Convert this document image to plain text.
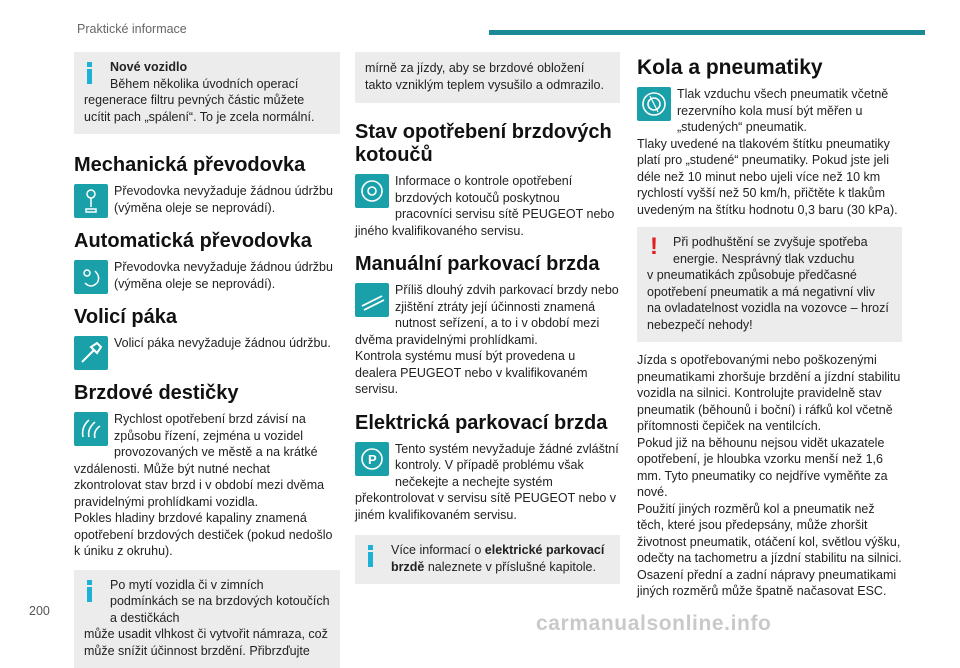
Praktické informace

Nové vozidlo

Během několika úvodních operací

regenerace filtru pevných částic můžete ucítit pach „spálení“. To je zcela normální.

Mechanická převodovka

Převodovka nevyžaduje žádnou údržbu (výměna oleje se neprovádí).

Automatická převodovka

Převodovka nevyžaduje žádnou údržbu (výměna oleje se neprovádí).

Volicí páka

Volicí páka nevyžaduje žádnou údržbu.

Brzdové destičky

Rychlost opotřebení brzd závisí na způsobu řízení, zejména u vozidel provozovaných ve městě a na krátké vzdálenosti. Může být nutné nechat zkontrolovat stav brzd i v období mezi dvěma pravidelnými prohlídkami vozidla.

Pokles hladiny brzdové kapaliny znamená opotřebení brzdových destiček (pokud nedošlo k úniku z okruhu).

Po mytí vozidla či v zimních podmínkách se na brzdových kotoučích a destičkách

může usadit vlhkost či vytvořit námraza, což může snížit účinnost brzdění. Přibrzďujte

mírně za jízdy, aby se brzdové obložení takto vzniklým teplem vysušilo a odmrazilo.

Stav opotřebení brzdových kotoučů

Informace o kontrole opotřebení brzdových kotoučů poskytnou pracovníci servisu sítě PEUGEOT nebo jiného kvalifikovaného servisu.

Manuální parkovací brzda

Příliš dlouhý zdvih parkovací brzdy nebo zjištění ztráty její účinnosti znamená nutnost seřízení, a to i v období mezi dvěma pravidelnými prohlídkami.

Kontrola systému musí být provedena u dealera PEUGEOT nebo v kvalifikovaném servisu.

Elektrická parkovací brzda
P

Tento systém nevyžaduje žádné zvláštní kontroly. V případě problému však nečekejte a nechejte systém překontrolovat v servisu sítě PEUGEOT nebo v jiném kvalifikovaném servisu.

Více informací o elektrické parkovací brzdě naleznete v příslušné kapitole.

Kola a pneumatiky

Tlak vzduchu všech pneumatik včetně rezervního kola musí být měřen u „studených“ pneumatik.

Tlaky uvedené na tlakovém štítku pneumatiky platí pro „studené“ pneumatiky. Pokud jste jeli déle než 10 minut nebo ujeli více než 10 km rychlostí vyšší než 50 km/h, přičtěte k tlakům uvedeným na štítku hodnotu 0,3 baru (30 kPa).

!	Při podhuštění se zvyšuje spotřeba energie. Nesprávný tlak vzduchu

v pneumatikách způsobuje předčasné opotřebení pneumatik a má negativní vliv na ovladatelnost vozidla na vozovce – hrozí nebezpečí nehody!

Jízda s opotřebovanými nebo poškozenými pneumatikami zhoršuje brzdění a jízdní stabilitu vozidla na silnici. Kontrolujte pravidelně stav pneumatik (běhounů i boční) i ráfků kol včetně přítomnosti čepiček na ventilcích.

Pokud již na běhounu nejsou vidět ukazatele opotřebení, je hloubka vzorku menší než 1,6 mm. Tyto pneumatiky co nejdříve vyměňte za nové.

Použití jiných rozměrů kol a pneumatik než těch, které jsou předepsány, může zhoršit životnost pneumatik, otáčení kol, světlou výšku, odečty na tachometru a jízdní stabilitu na silnici.

Osazení přední a zadní nápravy pneumatikami jiných rozměrů může špatně načasovat ESC.

200
carmanualsonline.info
